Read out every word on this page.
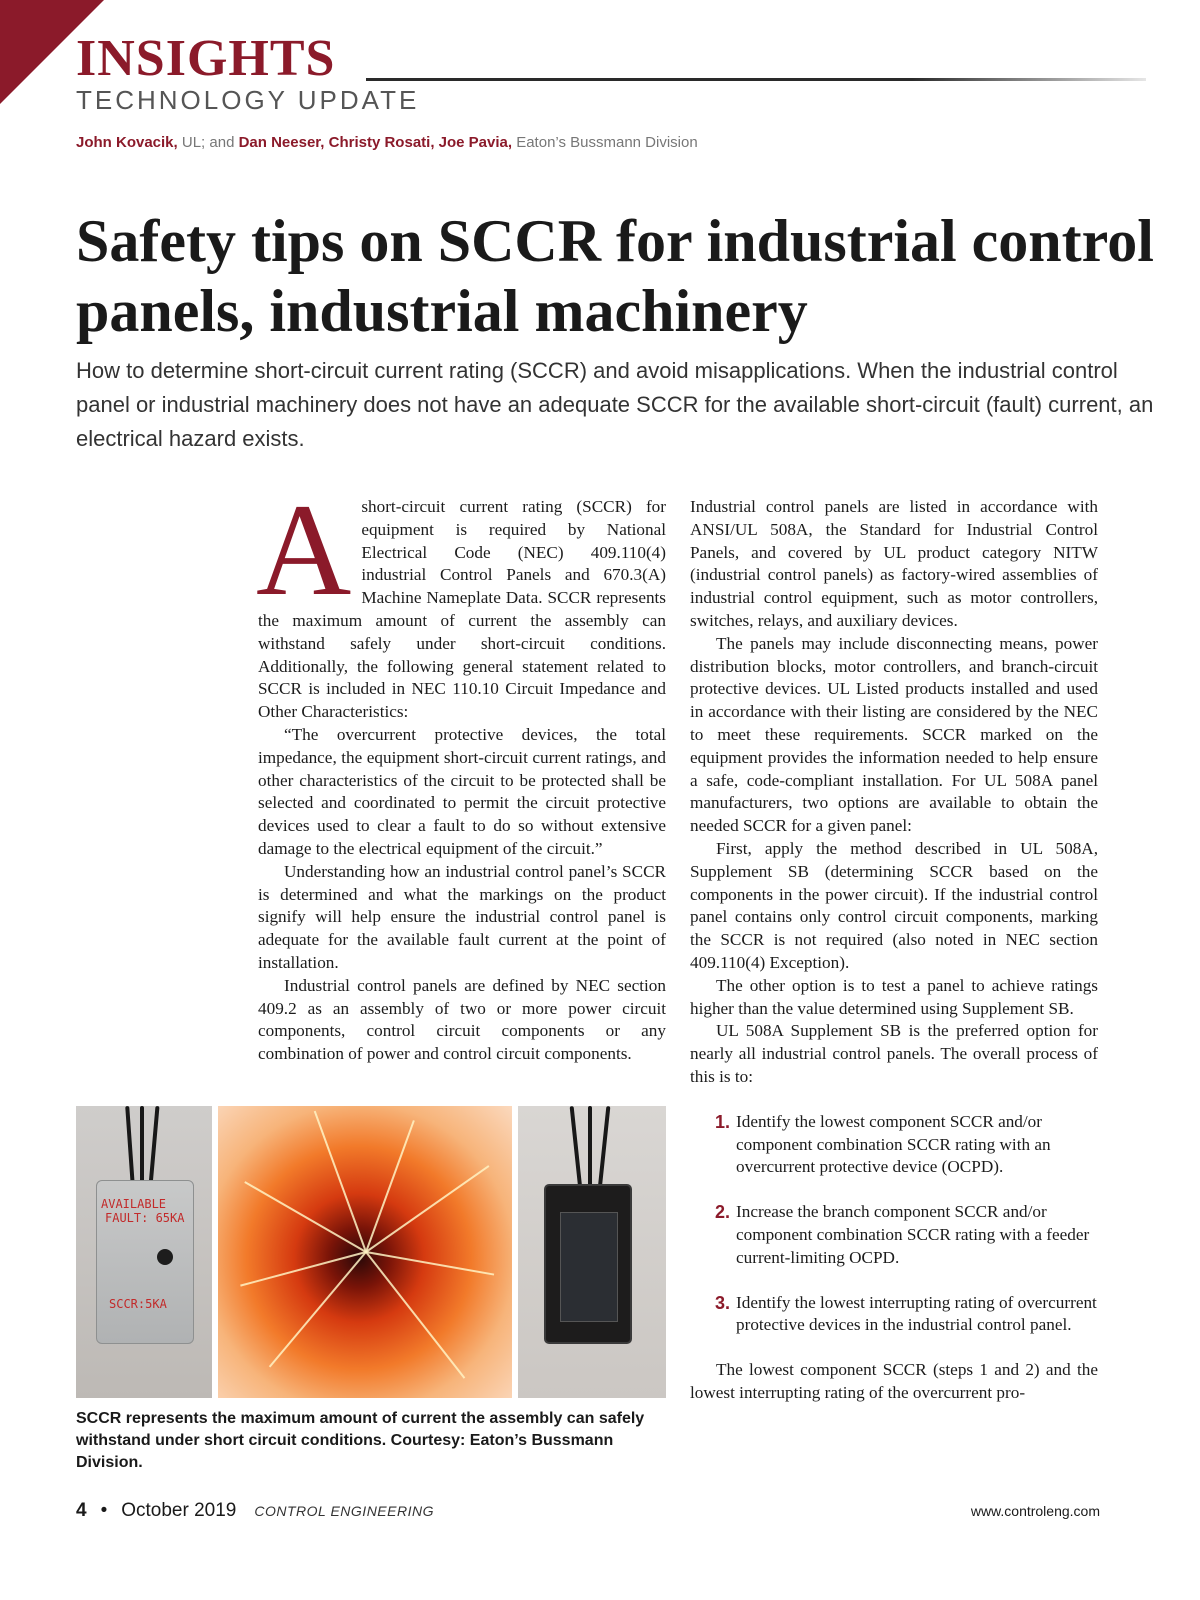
INSIGHTS
TECHNOLOGY UPDATE
John Kovacik, UL; and Dan Neeser, Christy Rosati, Joe Pavia, Eaton’s Bussmann Division
Safety tips on SCCR for industrial control panels, industrial machinery

How to determine short-circuit current rating (SCCR) and avoid misapplications. When the industrial control panel or industrial machinery does not have an adequate SCCR for the available short-circuit (fault) current, an electrical hazard exists.

A short-circuit current rating (SCCR) for equipment is required by National Electrical Code (NEC) 409.110(4) industrial Control Panels and 670.3(A) Machine Nameplate Data. SCCR represents the maximum amount of current the assembly can withstand safely under short-circuit conditions. Additionally, the following general statement related to SCCR is included in NEC 110.10 Circuit Impedance and Other Characteristics:

“The overcurrent protective devices, the total impedance, the equipment short-circuit current ratings, and other characteristics of the circuit to be protected shall be selected and coordinated to permit the circuit protective devices used to clear a fault to do so without extensive damage to the electrical equipment of the circuit.”

Understanding how an industrial control panel’s SCCR is determined and what the markings on the product signify will help ensure the industrial control panel is adequate for the available fault current at the point of installation.

Industrial control panels are defined by NEC section 409.2 as an assembly of two or more power circuit components, control circuit components or any combination of power and control circuit components.

Industrial control panels are listed in accordance with ANSI/UL 508A, the Standard for Industrial Control Panels, and covered by UL product category NITW (industrial control panels) as factory-wired assemblies of industrial control equipment, such as motor controllers, switches, relays, and auxiliary devices.

The panels may include disconnecting means, power distribution blocks, motor controllers, and branch-circuit protective devices. UL Listed products installed and used in accordance with their listing are considered by the NEC to meet these requirements. SCCR marked on the equipment provides the information needed to help ensure a safe, code-compliant installation. For UL 508A panel manufacturers, two options are available to obtain the needed SCCR for a given panel:

First, apply the method described in UL 508A, Supplement SB (determining SCCR based on the components in the power circuit). If the industrial control panel contains only control circuit components, marking the SCCR is not required (also noted in NEC section 409.110(4) Exception).

The other option is to test a panel to achieve ratings higher than the value determined using Supplement SB.

UL 508A Supplement SB is the preferred option for nearly all industrial control panels. The overall process of this is to:

1. Identify the lowest component SCCR and/or component combination SCCR rating with an overcurrent protective device (OCPD).
2. Increase the branch component SCCR and/or component combination SCCR rating with a feeder current-limiting OCPD.
3. Identify the lowest interrupting rating of overcurrent protective devices in the industrial control panel.

The lowest component SCCR (steps 1 and 2) and the lowest interrupting rating of the overcurrent pro-

AVAILABLE
FAULT: 65KA
SCCR:5KA
SCCR represents the maximum amount of current the assembly can safely withstand under short circuit conditions. Courtesy: Eaton’s Bussmann Division.
4 • October 2019 CONTROL ENGINEERING	www.controleng.com
